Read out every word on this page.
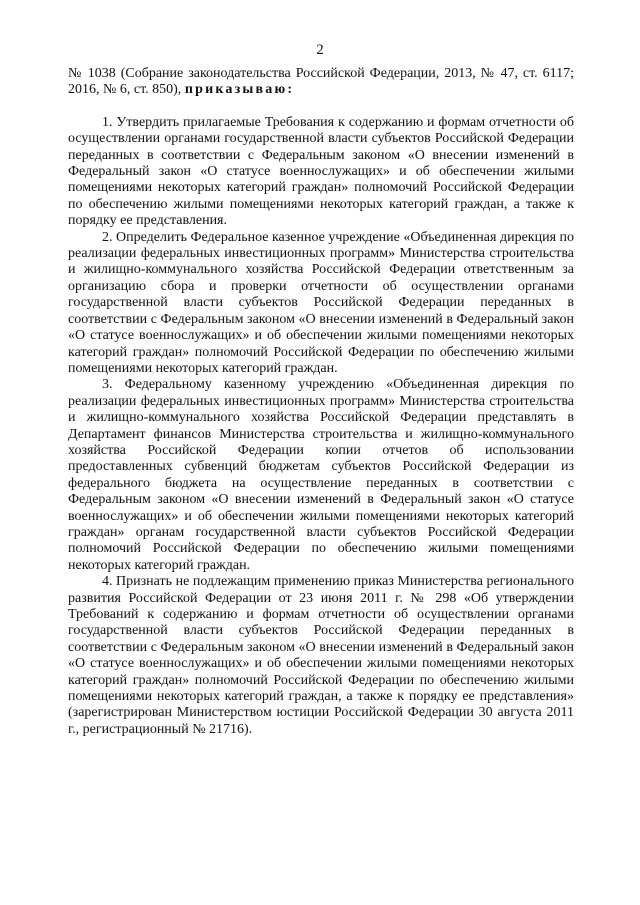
2

№ 1038 (Собрание законодательства Российской Федерации, 2013, № 47, ст. 6117; 2016, № 6, ст. 850), приказываю:

1. Утвердить прилагаемые Требования к содержанию и формам отчетности об осуществлении органами государственной власти субъектов Российской Федерации переданных в соответствии с Федеральным законом «О внесении изменений в Федеральный закон «О статусе военнослужащих» и об обеспечении жилыми помещениями некоторых категорий граждан» полномочий Российской Федерации по обеспечению жилыми помещениями некоторых категорий граждан, а также к порядку ее представления.

2. Определить Федеральное казенное учреждение «Объединенная дирекция по реализации федеральных инвестиционных программ» Министерства строительства и жилищно-коммунального хозяйства Российской Федерации ответственным за организацию сбора и проверки отчетности об осуществлении органами государственной власти субъектов Российской Федерации переданных в соответствии с Федеральным законом «О внесении изменений в Федеральный закон «О статусе военнослужащих» и об обеспечении жилыми помещениями некоторых категорий граждан» полномочий Российской Федерации по обеспечению жилыми помещениями некоторых категорий граждан.

3. Федеральному казенному учреждению «Объединенная дирекция по реализации федеральных инвестиционных программ» Министерства строительства и жилищно-коммунального хозяйства Российской Федерации представлять в Департамент финансов Министерства строительства и жилищно-коммунального хозяйства Российской Федерации копии отчетов об использовании предоставленных субвенций бюджетам субъектов Российской Федерации из федерального бюджета на осуществление переданных в соответствии с Федеральным законом «О внесении изменений в Федеральный закон «О статусе военнослужащих» и об обеспечении жилыми помещениями некоторых категорий граждан» органам государственной власти субъектов Российской Федерации полномочий Российской Федерации по обеспечению жилыми помещениями некоторых категорий граждан.

4. Признать не подлежащим применению приказ Министерства регионального развития Российской Федерации от 23 июня 2011 г. № 298 «Об утверждении Требований к содержанию и формам отчетности об осуществлении органами государственной власти субъектов Российской Федерации переданных в соответствии с Федеральным законом «О внесении изменений в Федеральный закон «О статусе военнослужащих» и об обеспечении жилыми помещениями некоторых категорий граждан» полномочий Российской Федерации по обеспечению жилыми помещениями некоторых категорий граждан, а также к порядку ее представления» (зарегистрирован Министерством юстиции Российской Федерации 30 августа 2011 г., регистрационный № 21716).
